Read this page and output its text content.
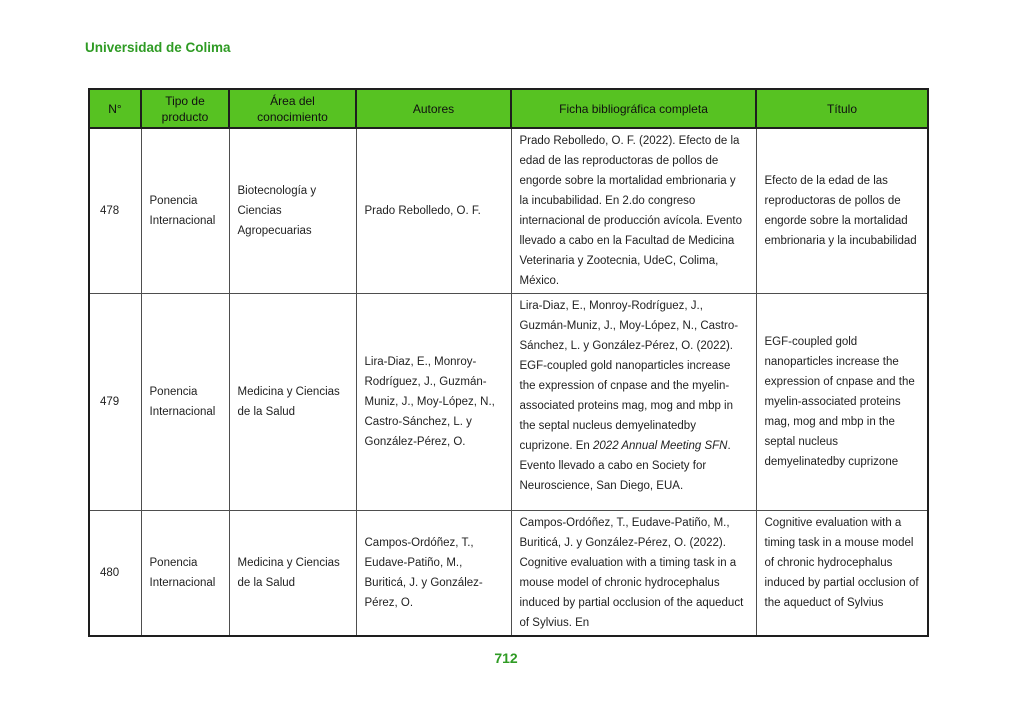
Universidad de Colima
N°	Tipo de producto	Área del conocimiento	Autores	Ficha bibliográfica completa	Título
478	Ponencia Internacional	Biotecnología y Ciencias Agropecuarias	Prado Rebolledo, O. F.	Prado Rebolledo, O. F. (2022). Efecto de la edad de las reproductoras de pollos de engorde sobre la mortalidad embrionaria y la incubabilidad. En 2.do congreso internacional de producción avícola. Evento llevado a cabo en la Facultad de Medicina Veterinaria y Zootecnia, UdeC, Colima, México.	Efecto de la edad de las reproductoras de pollos de engorde sobre la mortalidad embrionaria y la incubabilidad
479	Ponencia Internacional	Medicina y Ciencias de la Salud	Lira-Diaz, E., Monroy-Rodríguez, J., Guzmán-Muniz, J., Moy-López, N., Castro-Sánchez, L. y González-Pérez, O.	Lira-Diaz, E., Monroy-Rodríguez, J., Guzmán-Muniz, J., Moy-López, N., Castro-Sánchez, L. y González-Pérez, O. (2022). EGF-coupled gold nanoparticles increase the expression of cnpase and the myelin-associated proteins mag, mog and mbp in the septal nucleus demyelinatedby cuprizone. En 2022 Annual Meeting SFN. Evento llevado a cabo en Society for Neuroscience, San Diego, EUA.	EGF-coupled gold nanoparticles increase the expression of cnpase and the myelin-associated proteins mag, mog and mbp in the septal nucleus demyelinatedby cuprizone
480	Ponencia Internacional	Medicina y Ciencias de la Salud	Campos-Ordóñez, T., Eudave-Patiño, M., Buriticá, J. y González-Pérez, O.	Campos-Ordóñez, T., Eudave-Patiño, M., Buriticá, J. y González-Pérez, O. (2022). Cognitive evaluation with a timing task in a mouse model of chronic hydrocephalus induced by partial occlusion of the aqueduct of Sylvius. En	Cognitive evaluation with a timing task in a mouse model of chronic hydrocephalus induced by partial occlusion of the aqueduct of Sylvius
712
